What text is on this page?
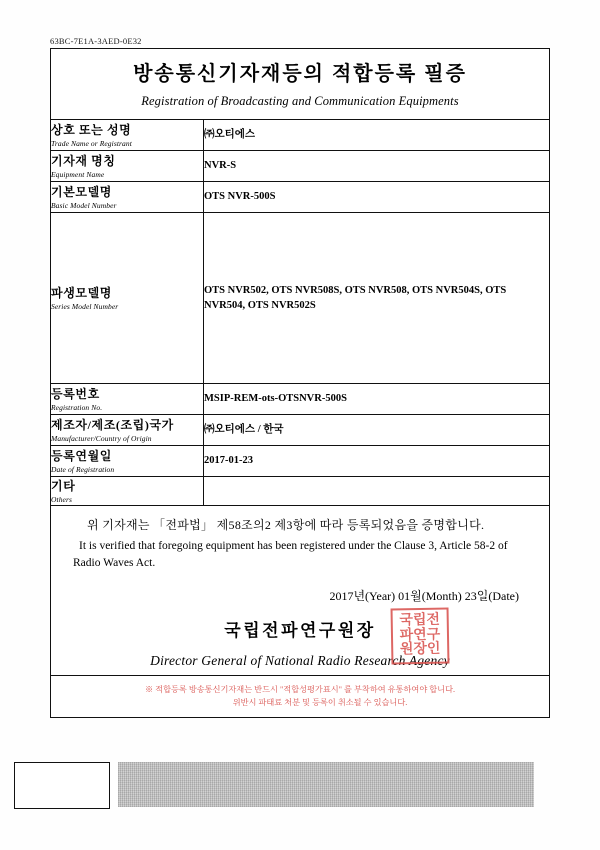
63BC-7E1A-3AED-0E32
방송통신기자재등의 적합등록 필증
Registration of Broadcasting and Communication Equipments
상호 또는 성명
Trade Name or Registrant	㈜오티에스

기자재 명칭
Equipment Name	NVR-S

기본모델명
Basic Model Number	OTS NVR-500S

파생모델명
Series Model Number	OTS NVR502, OTS NVR508S, OTS NVR508, OTS NVR504S, OTS NVR504, OTS NVR502S

등록번호
Registration No.	MSIP-REM-ots-OTSNVR-500S

제조자/제조(조립)국가
Manufacturer/Country of Origin	㈜오티에스 / 한국

등록연월일
Date of Registration	2017-01-23

기타
Others	

위 기자재는 「전파법」 제58조의2 제3항에 따라 등록되었음을 증명합니다.
It is verified that foregoing equipment has been registered under the Clause 3, Article 58-2 of Radio Waves Act.
2017년(Year) 01월(Month) 23일(Date)
국립전파연구원장
국립전
파연구
원장인
Director General of National Radio Research Agency
※ 적합등록 방송통신기자재는 반드시 "적합성평가표시" 를 부착하여 유통하여야 합니다.
위반시 파태료 처분 및 등록이 취소될 수 있습니다.
